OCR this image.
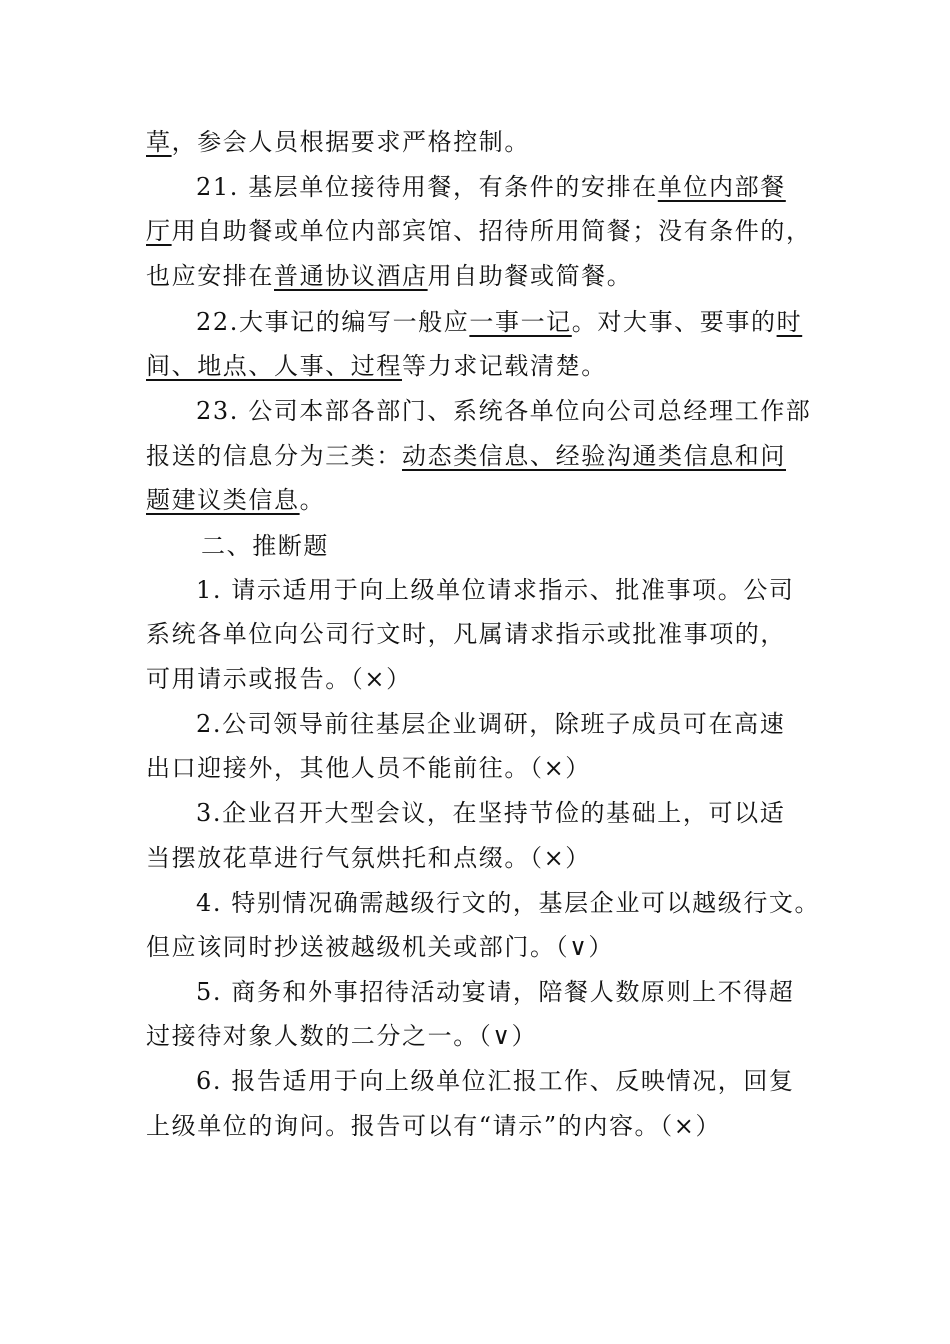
草，参会人员根据要求严格控制。
21. 基层单位接待用餐，有条件的安排在单位内部餐
厅用自助餐或单位内部宾馆、招待所用简餐；没有条件的，
也应安排在普通协议酒店用自助餐或简餐。
22.大事记的编写一般应一事一记。对大事、要事的时
间、地点、人事、过程等力求记载清楚。
23. 公司本部各部门、系统各单位向公司总经理工作部
报送的信息分为三类：动态类信息、经验沟通类信息和问
题建议类信息。
二、推断题
1. 请示适用于向上级单位请求指示、批准事项。公司
系统各单位向公司行文时，凡属请求指示或批准事项的，
可用请示或报告。（×）
2.公司领导前往基层企业调研，除班子成员可在高速
出口迎接外，其他人员不能前往。（×）
3.企业召开大型会议，在坚持节俭的基础上，可以适
当摆放花草进行气氛烘托和点缀。（×）
4. 特别情况确需越级行文的，基层企业可以越级行文。
但应该同时抄送被越级机关或部门。（∨）
5. 商务和外事招待活动宴请，陪餐人数原则上不得超
过接待对象人数的二分之一。（∨）
6. 报告适用于向上级单位汇报工作、反映情况，回复
上级单位的询问。报告可以有“请示”的内容。（×）
